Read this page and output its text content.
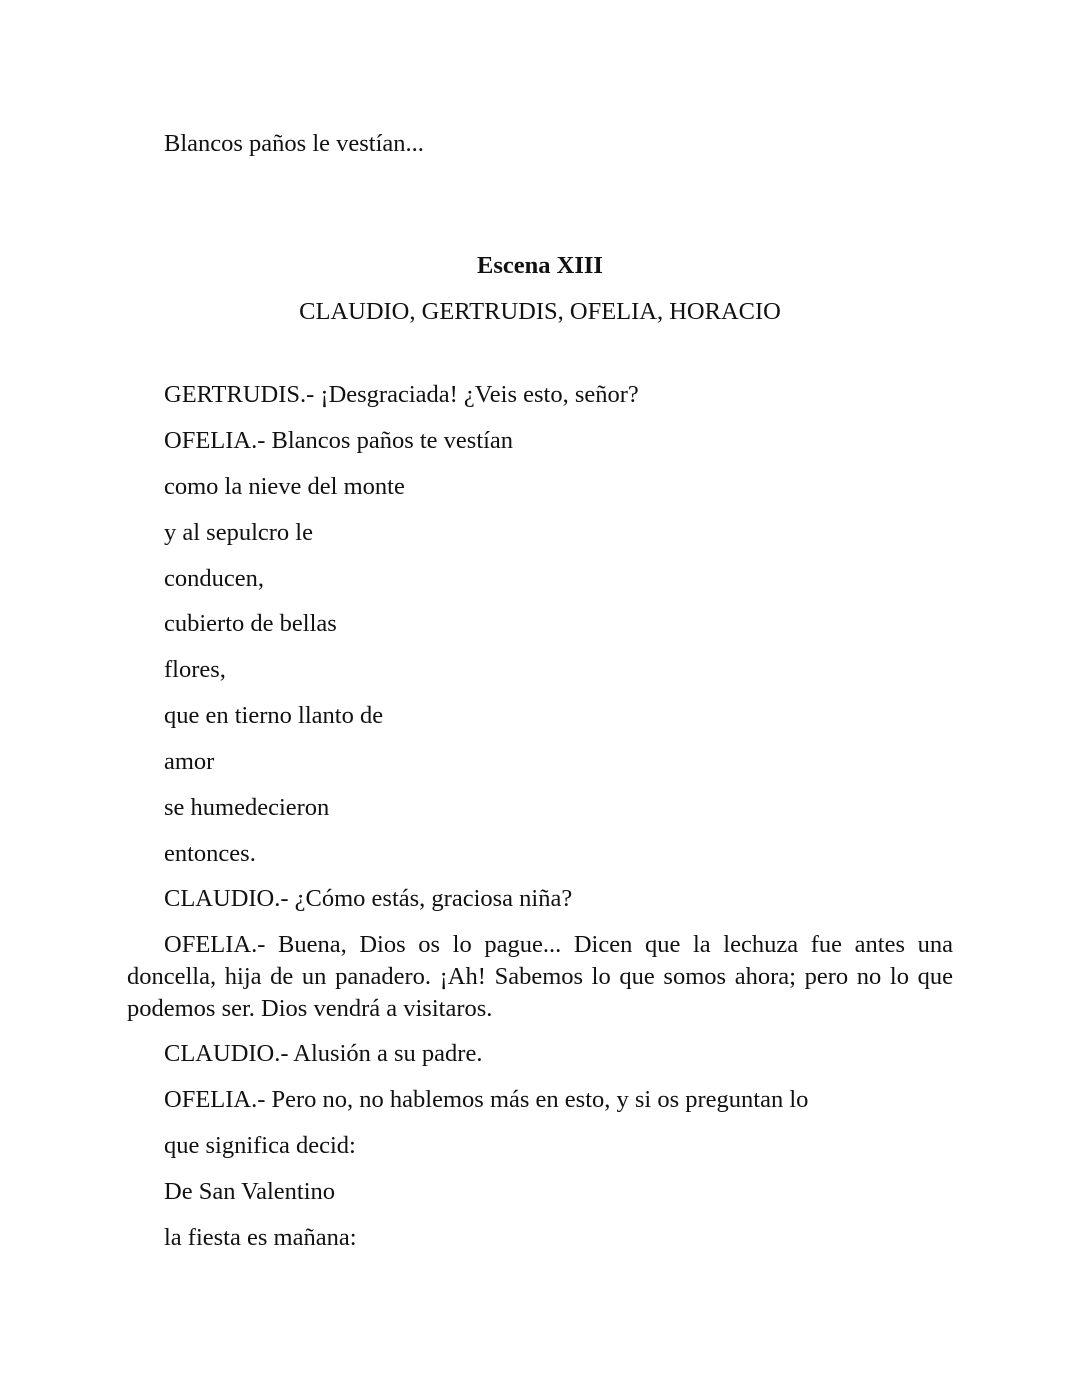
Blancos paños le vestían...
Escena XIII
CLAUDIO, GERTRUDIS, OFELIA, HORACIO
GERTRUDIS.- ¡Desgraciada! ¿Veis esto, señor?
OFELIA.- Blancos paños te vestían
como la nieve del monte
y al sepulcro le
conducen,
cubierto de bellas
flores,
que en tierno llanto de
amor
se humedecieron
entonces.
CLAUDIO.- ¿Cómo estás, graciosa niña?
OFELIA.- Buena, Dios os lo pague... Dicen que la lechuza fue antes una doncella, hija de un panadero. ¡Ah! Sabemos lo que somos ahora; pero no lo que podemos ser. Dios vendrá a visitaros.
CLAUDIO.- Alusión a su padre.
OFELIA.- Pero no, no hablemos más en esto, y si os preguntan lo
que significa decid:
De San Valentino
la fiesta es mañana:
